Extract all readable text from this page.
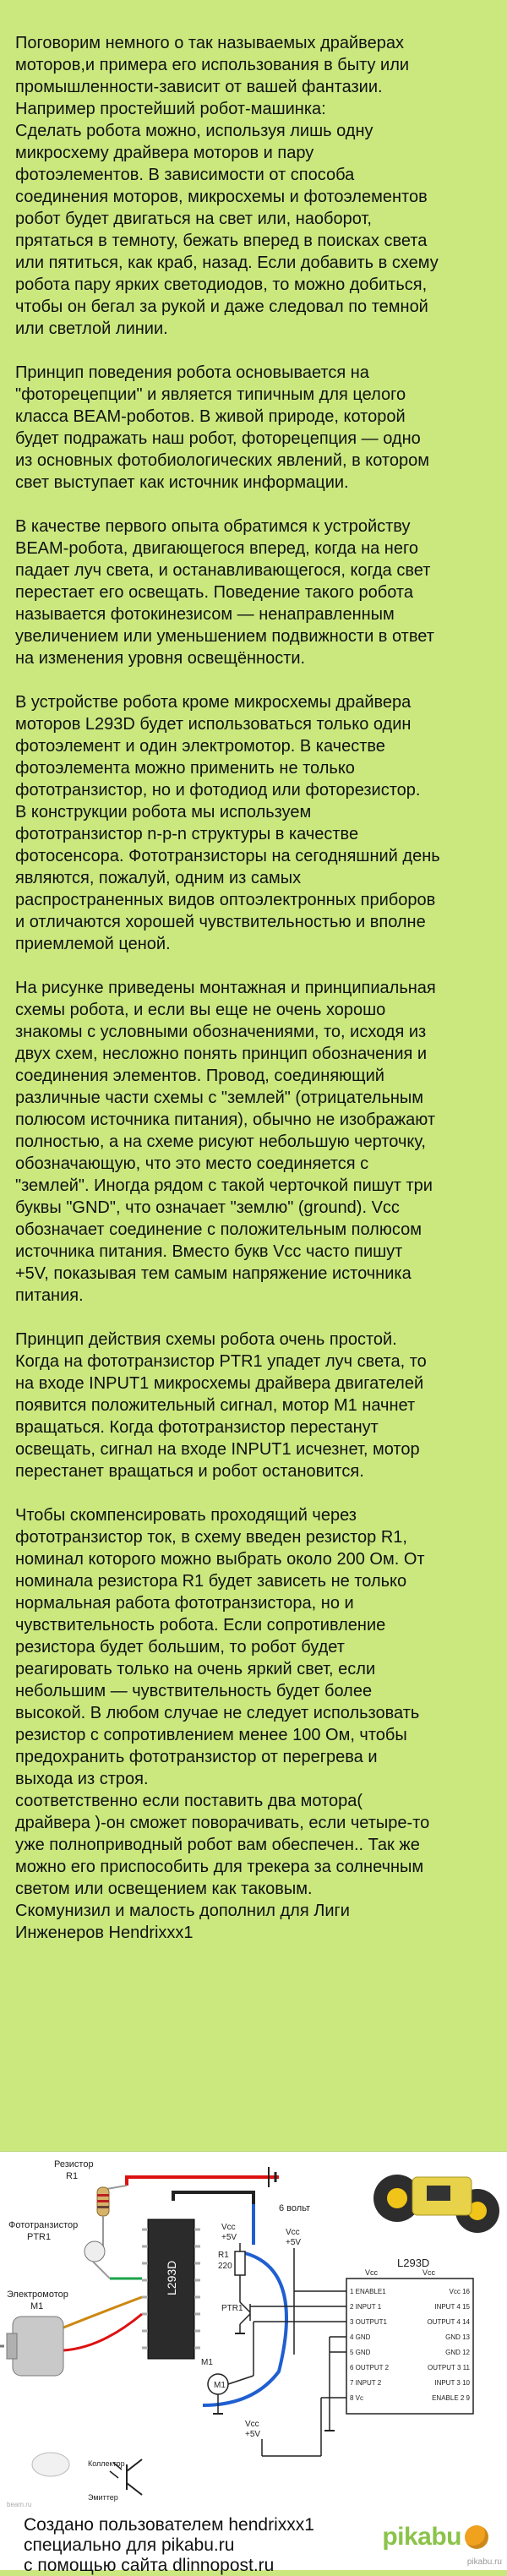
Поговорим немного о так называемых драйверах
моторов,и примера его использования в быту или
промышленности-зависит от вашей фантазии.
Например простейший робот-машинка:
Сделать робота можно, используя лишь одну
микросхему драйвера моторов и пару
фотоэлементов. В зависимости от способа
соединения моторов, микросхемы и фотоэлементов
робот будет двигаться на свет или, наоборот,
прятаться в темноту, бежать вперед в поисках света
или пятиться, как краб, назад. Если добавить в схему
робота пару ярких светодиодов, то можно добиться,
чтобы он бегал за рукой и даже следовал по темной
или светлой линии.

Принцип поведения робота основывается на
"фоторецепции" и является типичным для целого
класса BEAM-роботов. В живой природе, которой
будет подражать наш робот, фоторецепция — одно
из основных фотобиологических явлений, в котором
свет выступает как источник информации.

В качестве первого опыта обратимся к устройству
BEAM-робота, двигающегося вперед, когда на него
падает луч света, и останавливающегося, когда свет
перестает его освещать. Поведение такого робота
называется фотокинезисом — ненаправленным
увеличением или уменьшением подвижности в ответ
на изменения уровня освещённости.

В устройстве робота кроме микросхемы драйвера
моторов L293D будет использоваться только один
фотоэлемент и один электромотор. В качестве
фотоэлемента можно применить не только
фототранзистор, но и фотодиод или фоторезистор.
В конструкции робота мы используем
фототранзистор n-p-n структуры в качестве
фотосенсора. Фототранзисторы на сегодняшний день
являются, пожалуй, одним из самых
распространенных видов оптоэлектронных приборов
и отличаются хорошей чувствительностью и вполне
приемлемой ценой.

На рисунке приведены монтажная и принципиальная
схемы робота, и если вы еще не очень хорошо
знакомы с условными обозначениями, то, исходя из
двух схем, несложно понять принцип обозначения и
соединения элементов. Провод, соединяющий
различные части схемы с "землей" (отрицательным
полюсом источника питания), обычно не изображают
полностью, а на схеме рисуют небольшую черточку,
обозначающую, что это место соединяется с
"землей". Иногда рядом с такой черточкой пишут три
буквы "GND", что означает "землю" (ground). Vcc
обозначает соединение с положительным полюсом
источника питания. Вместо букв Vcc часто пишут
+5V, показывая тем самым напряжение источника
питания.

Принцип действия схемы робота очень простой.
Когда на фототранзистор PTR1 упадет луч света, то
на входе INPUT1 микросхемы драйвера двигателей
появится положительный сигнал, мотор M1 начнет
вращаться. Когда фототранзистор перестанут
освещать, сигнал на входе INPUT1 исчезнет, мотор
перестанет вращаться и робот остановится.

Чтобы скомпенсировать проходящий через
фототранзистор ток, в схему введен резистор R1,
номинал которого можно выбрать около 200 Ом. От
номинала резистора R1 будет зависеть не только
нормальная работа фототранзистора, но и
чувствительность робота. Если сопротивление
резистора будет большим, то робот будет
реагировать только на очень яркий свет, если
небольшим — чувствительность будет более
высокой. В любом случае не следует использовать
резистор с сопротивлением менее 100 Ом, чтобы
предохранить фототранзистор от перегрева и
выхода из строя.
соответственно если поставить два мотора(
драйвера )-он сможет поворачивать, если четыре-то
уже полноприводный робот вам обеспечен.. Так же
можно его приспособить для трекера за солнечным
светом или освещением как таковым.
Скомунизил и малость дополнил для Лиги
Инженеров Hendrixxx1

6 вольт
Резистор
R1
Фототранзистор
PTR1
L293D
Электромотор
M1
Коллектор
Эмиттер
beam.ru
R1
220
Vcc
+5V
PTR1
Vcc
+5V
M1
M1
Vcc
+5V
L293D
Vcc	Vcc
1 ENABLE1
2 INPUT 1
3 OUTPUT1
4 GND
5 GND
6 OUTPUT 2
7 INPUT 2
8 Vc
Vcc 16
INPUT 4 15
OUTPUT 4 14
GND 13
GND 12
OUTPUT 3 11
INPUT 3 10
ENABLE 2 9
Создано пользователем hendrixxx1
специально для pikabu.ru
с помощью сайта dlinnopost.ru
pikabu
pikabu.ru
